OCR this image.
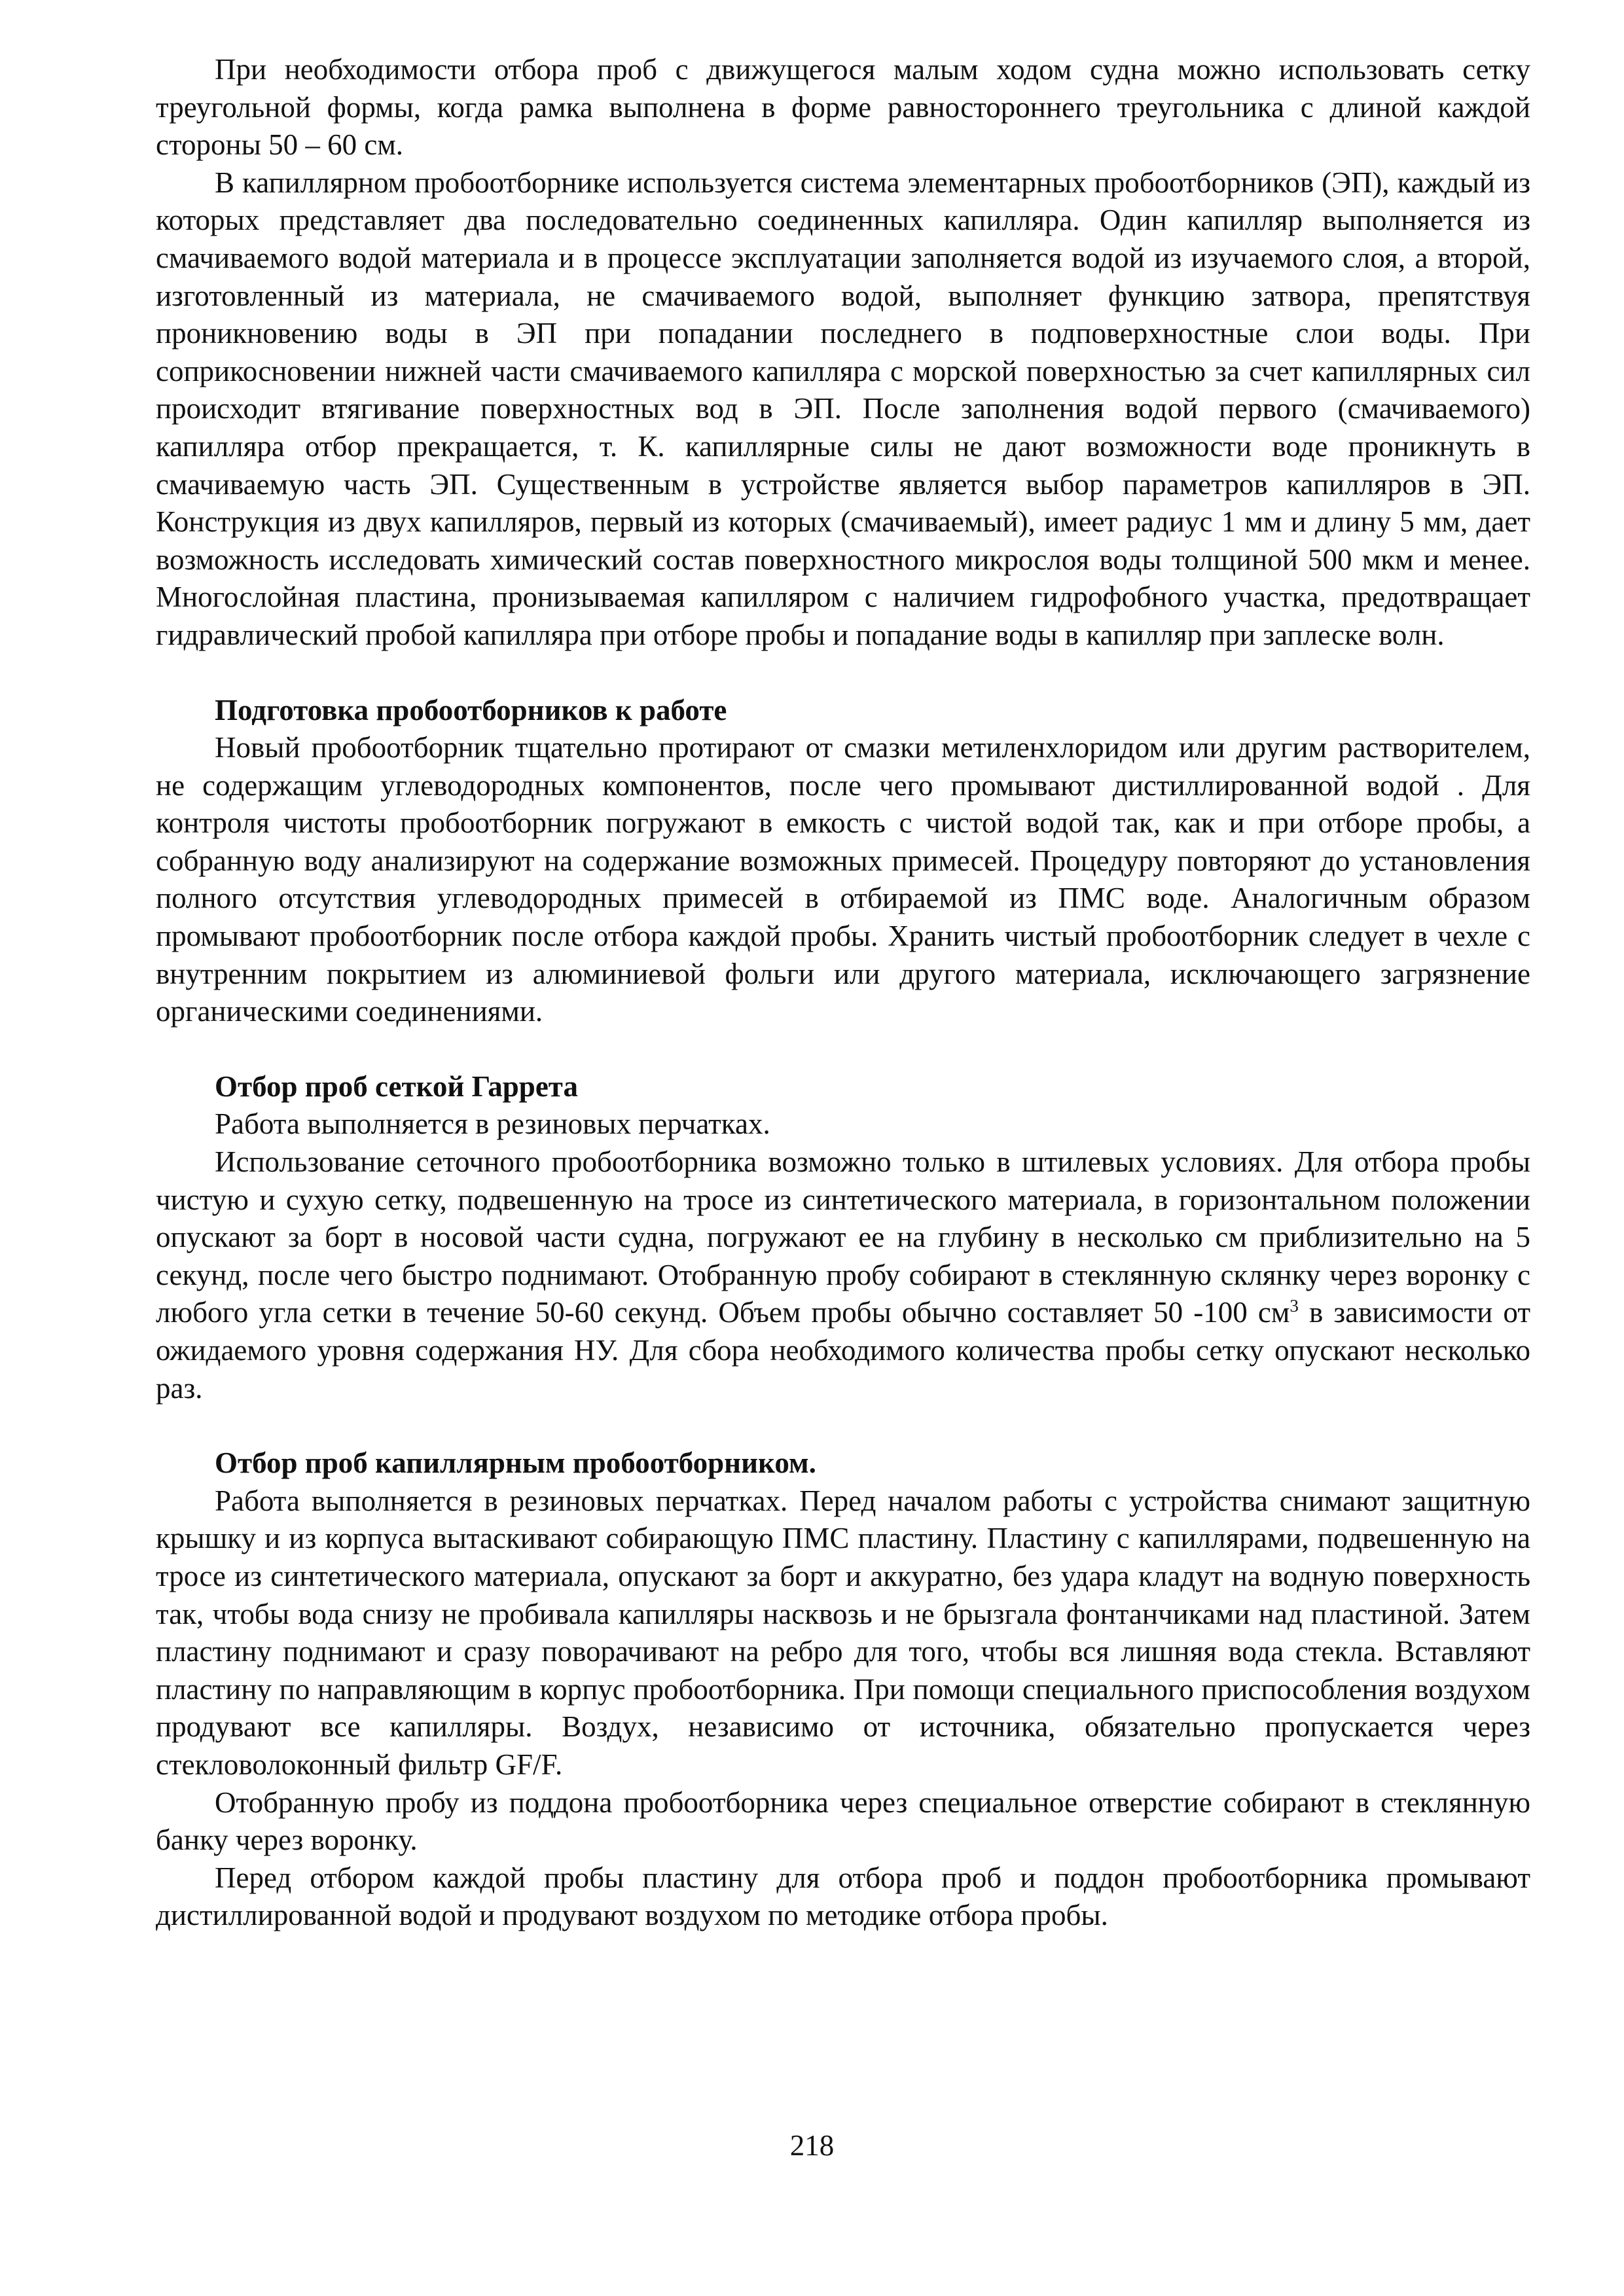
При необходимости отбора проб с движущегося малым ходом судна можно использовать сетку треугольной формы, когда рамка выполнена в форме равностороннего треугольника с длиной каждой стороны 50 – 60 см.

В капиллярном пробоотборнике используется система элементарных пробоотборников (ЭП), каждый из которых представляет два последовательно соединенных капилляра. Один капилляр выполняется из смачиваемого водой материала и в процессе эксплуатации заполняется водой из изучаемого слоя, а второй, изготовленный из материала, не смачиваемого водой, выполняет функцию затвора, препятствуя проникновению воды в ЭП при попадании последнего в подповерхностные слои воды. При соприкосновении нижней части смачиваемого капилляра с морской поверхностью за счет капиллярных сил происходит втягивание поверхностных вод в ЭП. После заполнения водой первого (смачиваемого) капилляра отбор прекращается, т. К. капиллярные силы не дают возможности воде проникнуть в смачиваемую часть ЭП. Существенным в устройстве является выбор параметров капилляров в ЭП. Конструкция из двух капилляров, первый из которых (смачиваемый), имеет радиус 1 мм и длину 5 мм, дает возможность исследовать химический состав поверхностного микрослоя воды толщиной 500 мкм и менее. Многослойная пластина, пронизываемая капилляром с наличием гидрофобного участка, предотвращает гидравлический пробой капилляра при отборе пробы и попадание воды в капилляр при заплеске волн.

Подготовка пробоотборников к работе

Новый пробоотборник тщательно протирают от смазки метиленхлоридом или другим растворителем, не содержащим углеводородных компонентов, после чего промывают дистиллированной водой . Для контроля чистоты пробоотборник погружают в емкость с чистой водой так, как и при отборе пробы, а собранную воду анализируют на содержание возможных примесей. Процедуру повторяют до установления полного отсутствия углеводородных примесей в отбираемой из ПМС воде. Аналогичным образом промывают пробоотборник после отбора каждой пробы. Хранить чистый пробоотборник следует в чехле с внутренним покрытием из алюминиевой фольги или другого материала, исключающего загрязнение органическими соединениями.

Отбор проб сеткой Гаррета

Работа выполняется в резиновых перчатках.

Использование сеточного пробоотборника возможно только в штилевых условиях. Для отбора пробы чистую и сухую сетку, подвешенную на тросе из синтетического материала, в горизонтальном положении опускают за борт в носовой части судна, погружают ее на глубину в несколько см приблизительно на 5 секунд, после чего быстро поднимают. Отобранную пробу собирают в стеклянную склянку через воронку с любого угла сетки в течение 50-60 секунд. Объем пробы обычно составляет 50 -100 $см^3$ в зависимости от ожидаемого уровня содержания НУ. Для сбора необходимого количества пробы сетку опускают несколько раз.

Отбор проб капиллярным пробоотборником.

Работа выполняется в резиновых перчатках. Перед началом работы с устройства снимают защитную крышку и из корпуса вытаскивают собирающую ПМС пластину. Пластину с капиллярами, подвешенную на тросе из синтетического материала, опускают за борт и аккуратно, без удара кладут на водную поверхность так, чтобы вода снизу не пробивала капилляры насквозь и не брызгала фонтанчиками над пластиной. Затем пластину поднимают и сразу поворачивают на ребро для того, чтобы вся лишняя вода стекла. Вставляют пластину по направляющим в корпус пробоотборника. При помощи специального приспособления воздухом продувают все капилляры. Воздух, независимо от источника, обязательно пропускается через стекловолоконный фильтр GF/F.

Отобранную пробу из поддона пробоотборника через специальное отверстие собирают в стеклянную банку через воронку.

Перед отбором каждой пробы пластину для отбора проб и поддон пробоотборника промывают дистиллированной водой и продувают воздухом по методике отбора пробы.

218
